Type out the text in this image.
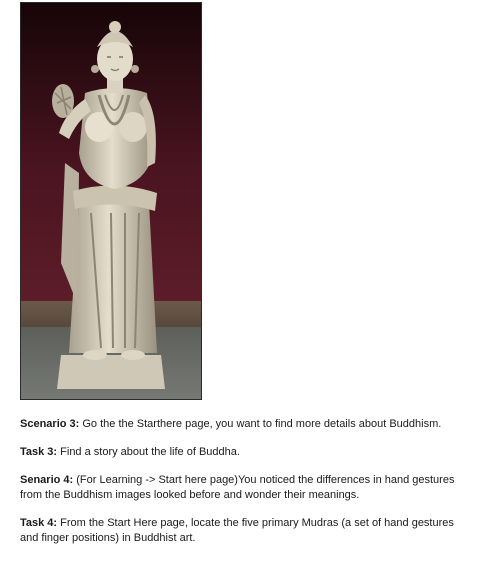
Scenario 3: Go the the Starthere page, you want to find more details about Buddhism.
Task 3: Find a story about the life of Buddha.
Senario 4: (For Learning -> Start here page)You noticed the differences in hand gestures from the Buddhism images looked before and wonder their meanings.
Task 4: From the Start Here page, locate the five primary Mudras (a set of hand gestures and finger positions) in Buddhist art.
